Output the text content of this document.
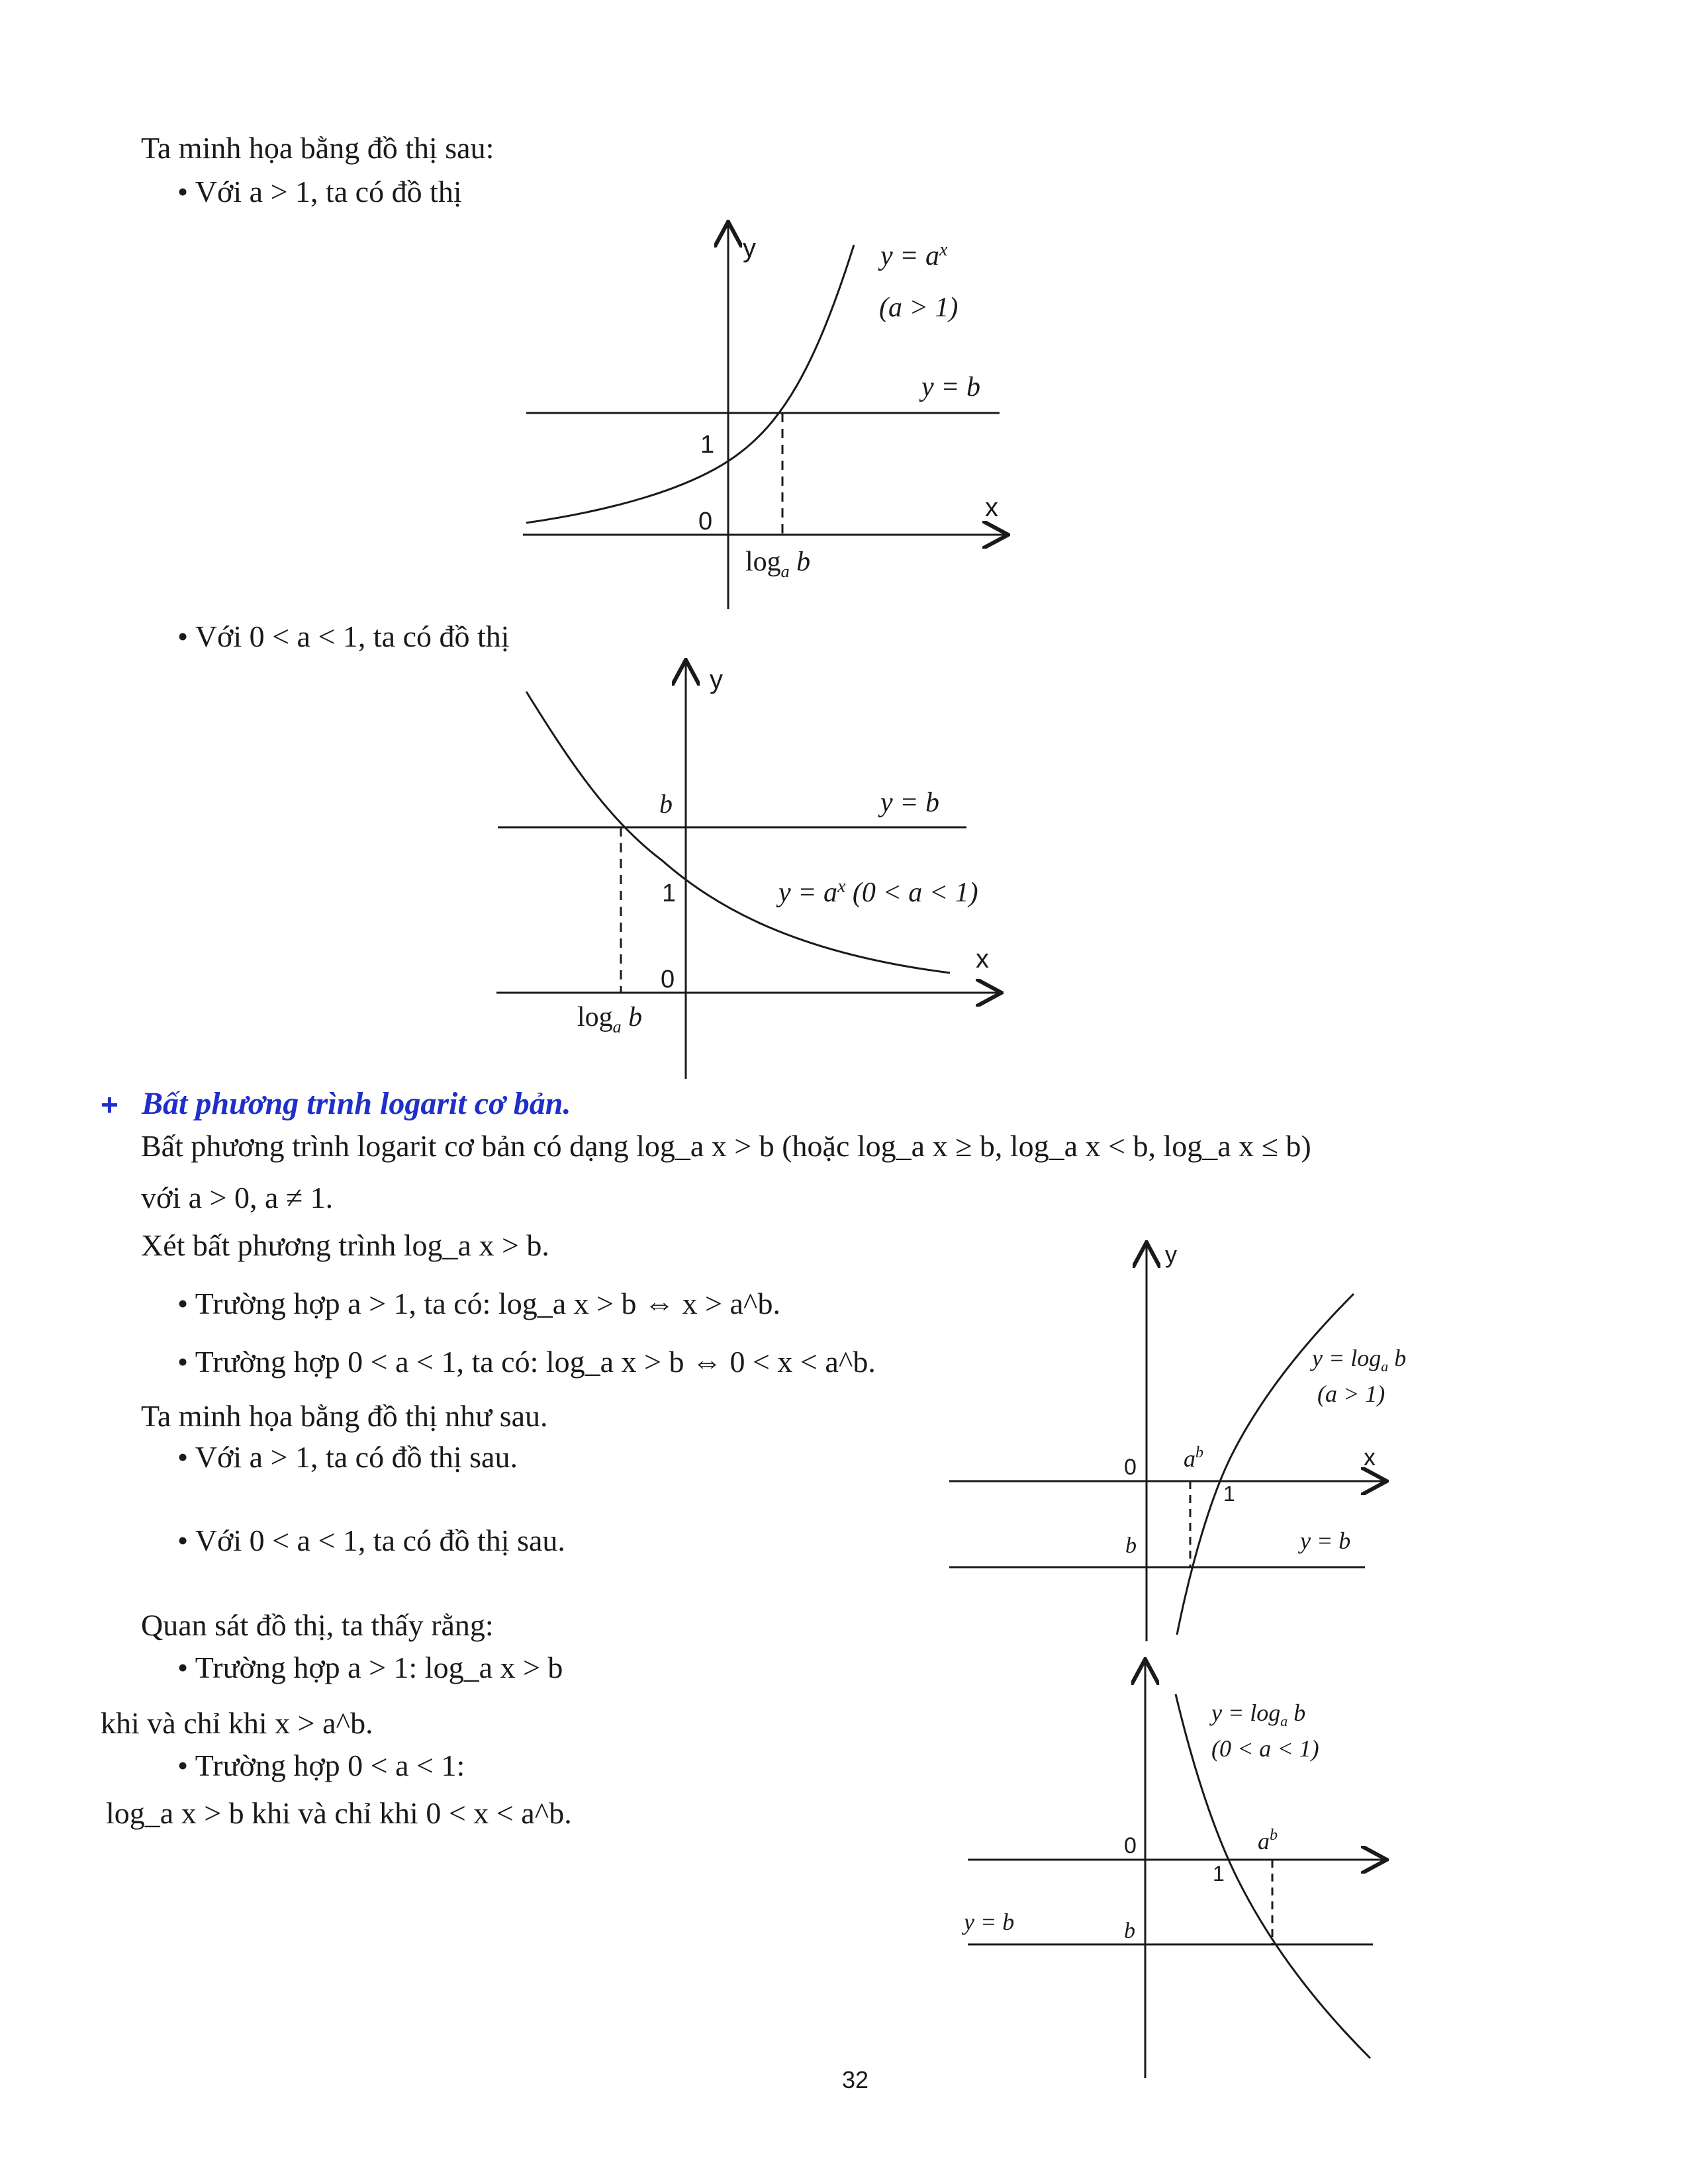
Ta minh họa bằng đồ thị sau:
• Với a > 1, ta có đồ thị
y
x
1
0
$y = a^x$
(a > 1)
y = b
$\log_a b$
• Với 0 < a < 1, ta có đồ thị
y
x
b	y = b
1
0
$y = a^x$ (0 < a < 1)
$\log_a b$
+ Bất phương trình logarit cơ bản.
Bất phương trình logarit cơ bản có dạng log_a x > b (hoặc log_a x ≥ b, log_a x < b, log_a x ≤ b)
với a > 0, a ≠ 1.
Xét bất phương trình log_a x > b.
• Trường hợp a > 1, ta có: log_a x > b ⇔ x > a^b.
• Trường hợp 0 < a < 1, ta có: log_a x > b ⇔ 0 < x < a^b.
Ta minh họa bằng đồ thị như sau.
• Với a > 1, ta có đồ thị sau.
• Với 0 < a < 1, ta có đồ thị sau.
Quan sát đồ thị, ta thấy rằng:
• Trường hợp a > 1: log_a x > b
khi và chỉ khi x > a^b.
• Trường hợp 0 < a < 1:
log_a x > b khi và chỉ khi 0 < x < a^b.
y
x
0 $a^b$
1
b	y = b
$y = \log_a b$
(a > 1)
$y = \log_a b$
(0 < a < 1)
0	$a^b$
1
y = b	b
32
